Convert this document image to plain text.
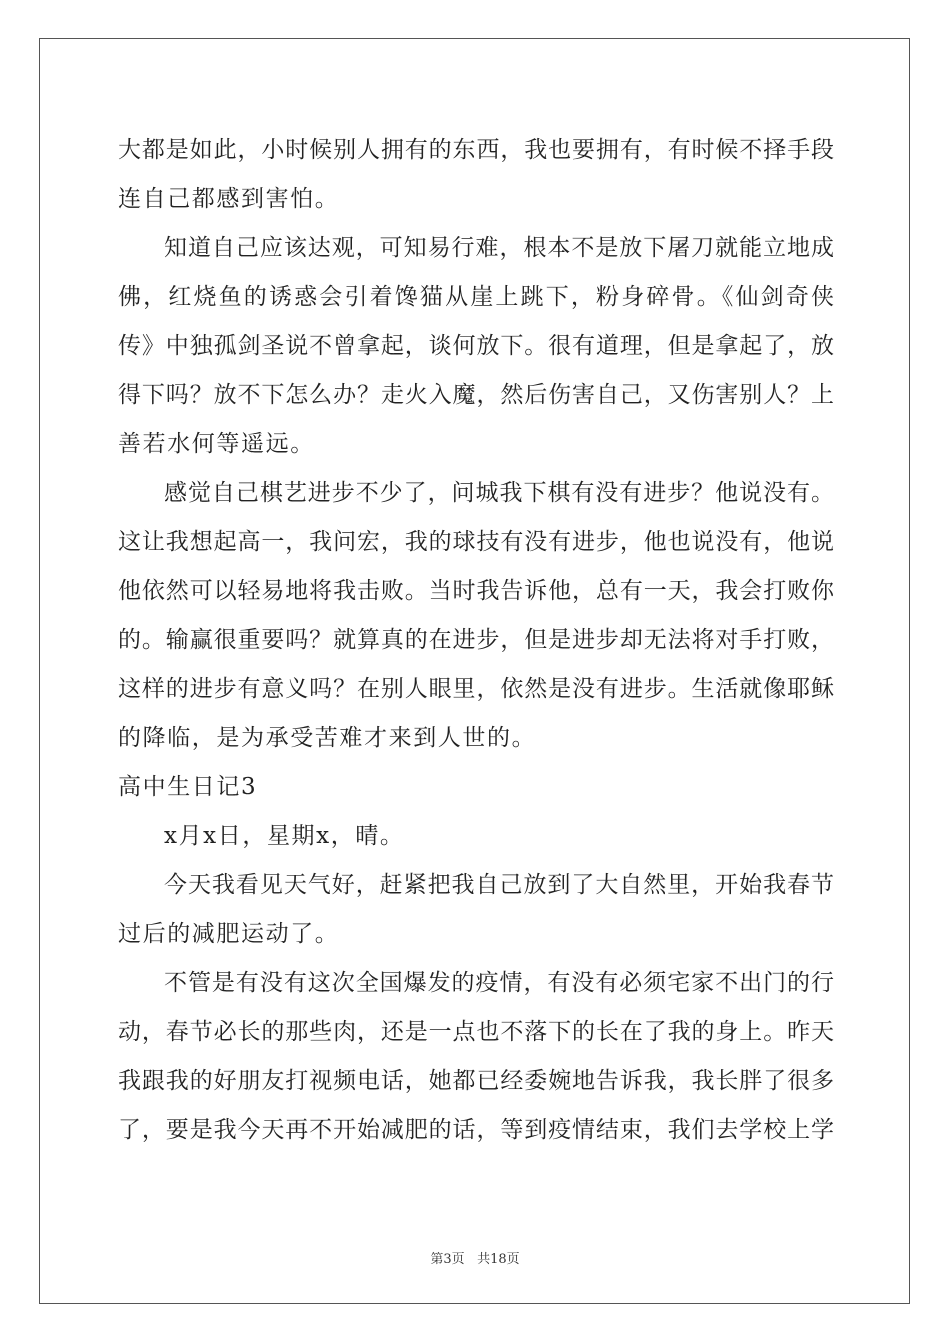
大都是如此，小时候别人拥有的东西，我也要拥有，有时候不择手段
连自己都感到害怕。
知道自己应该达观，可知易行难，根本不是放下屠刀就能立地成
佛，红烧鱼的诱惑会引着馋猫从崖上跳下，粉身碎骨。《仙剑奇侠
传》中独孤剑圣说不曾拿起，谈何放下。很有道理，但是拿起了，放
得下吗？放不下怎么办？走火入魔，然后伤害自己，又伤害别人？上
善若水何等遥远。
感觉自己棋艺进步不少了，问城我下棋有没有进步？他说没有。
这让我想起高一，我问宏，我的球技有没有进步，他也说没有，他说
他依然可以轻易地将我击败。当时我告诉他，总有一天，我会打败你
的。输赢很重要吗？就算真的在进步，但是进步却无法将对手打败，
这样的进步有意义吗？在别人眼里，依然是没有进步。生活就像耶稣
的降临，是为承受苦难才来到人世的。
高中生日记3
x月x日，星期x，晴。
今天我看见天气好，赶紧把我自己放到了大自然里，开始我春节
过后的减肥运动了。
不管是有没有这次全国爆发的疫情，有没有必须宅家不出门的行
动，春节必长的那些肉，还是一点也不落下的长在了我的身上。昨天
我跟我的好朋友打视频电话，她都已经委婉地告诉我，我长胖了很多
了，要是我今天再不开始减肥的话，等到疫情结束，我们去学校上学
第3页 共18页
